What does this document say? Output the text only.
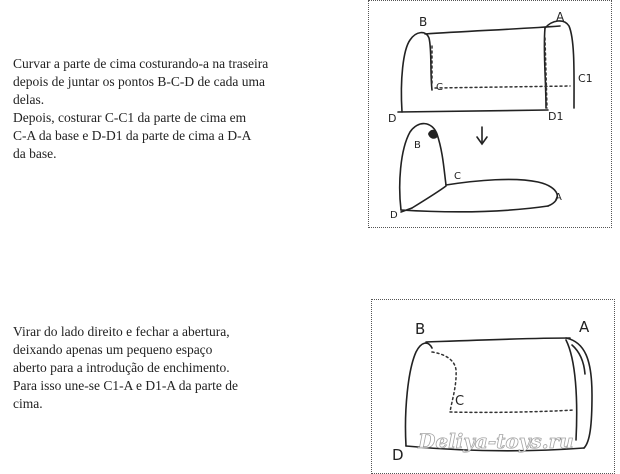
Curvar a parte de cima costurando-a na traseira

depois de juntar os pontos B-C-D de cada uma

delas.

Depois, costurar C-C1 da parte de cima em

C-A da base e D-D1 da parte de cima a D-A

da base.

Virar do lado direito e fechar a abertura,

deixando apenas um pequeno espaço

aberto para a introdução de enchimento.

Para isso une-se C1-A e D1-A da parte de

cima.

B	A
C
C1
D	D1
B
C
D
A
B	A
C
D
Deliya-toys.ru
